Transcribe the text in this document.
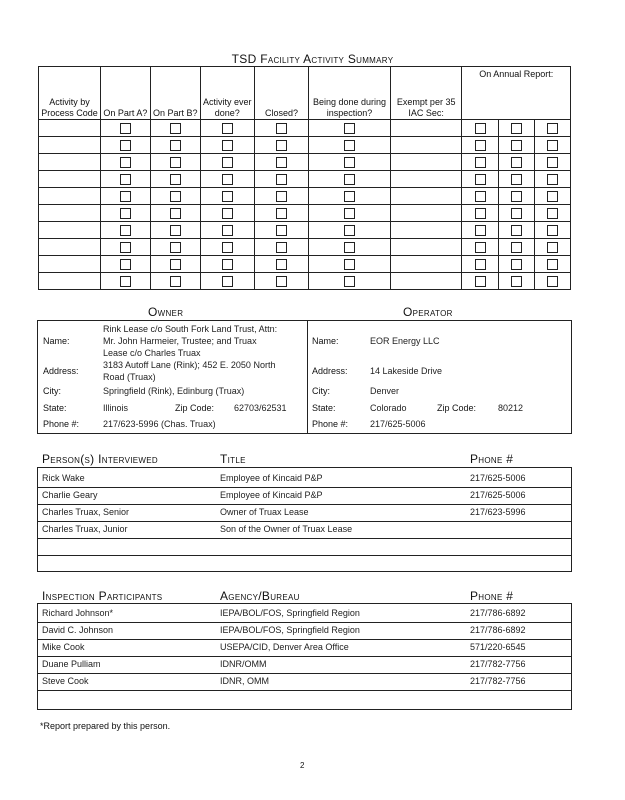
TSD Facility Activity Summary
Activity by Process Code	On Part A?	On Part B?	Activity ever done?	Closed?	Being done during inspection?	Exempt per 35 IAC Sec:	On Annual Report:		

Owner	Operator
Name:
Rink Lease c/o South Fork Land Trust, Attn:
Mr. John Harmeier, Trustee; and Truax
Lease c/o Charles Truax
Address:
3183 Autoff Lane (Rink); 452 E. 2050 North
Road (Truax)
City:	Springfield (Rink), Edinburg (Truax)
State:	Illinois	Zip Code: 62703/62531
Phone #:	217/623-5996 (Chas. Truax)
Name:	EOR Energy LLC
Address: 14 Lakeside Drive
City:	Denver
State:	Colorado	Zip Code: 80212
Phone #: 217/625-5006
Person(s) Interviewed	Title	Phone #
Rick Wake	Employee of Kincaid P&P	217/625-5006
Charlie Geary	Employee of Kincaid P&P	217/625-5006
Charles Truax, Senior	Owner of Truax Lease	217/623-5996
Charles Truax, Junior	Son of the Owner of Truax Lease
Inspection Participants	Agency/Bureau	Phone #
Richard Johnson*	IEPA/BOL/FOS, Springfield Region	217/786-6892
David C. Johnson	IEPA/BOL/FOS, Springfield Region	217/786-6892
Mike Cook	USEPA/CID, Denver Area Office	571/220-6545
Duane Pulliam	IDNR/OMM	217/782-7756
Steve Cook	IDNR, OMM	217/782-7756
*Report prepared by this person.
2
